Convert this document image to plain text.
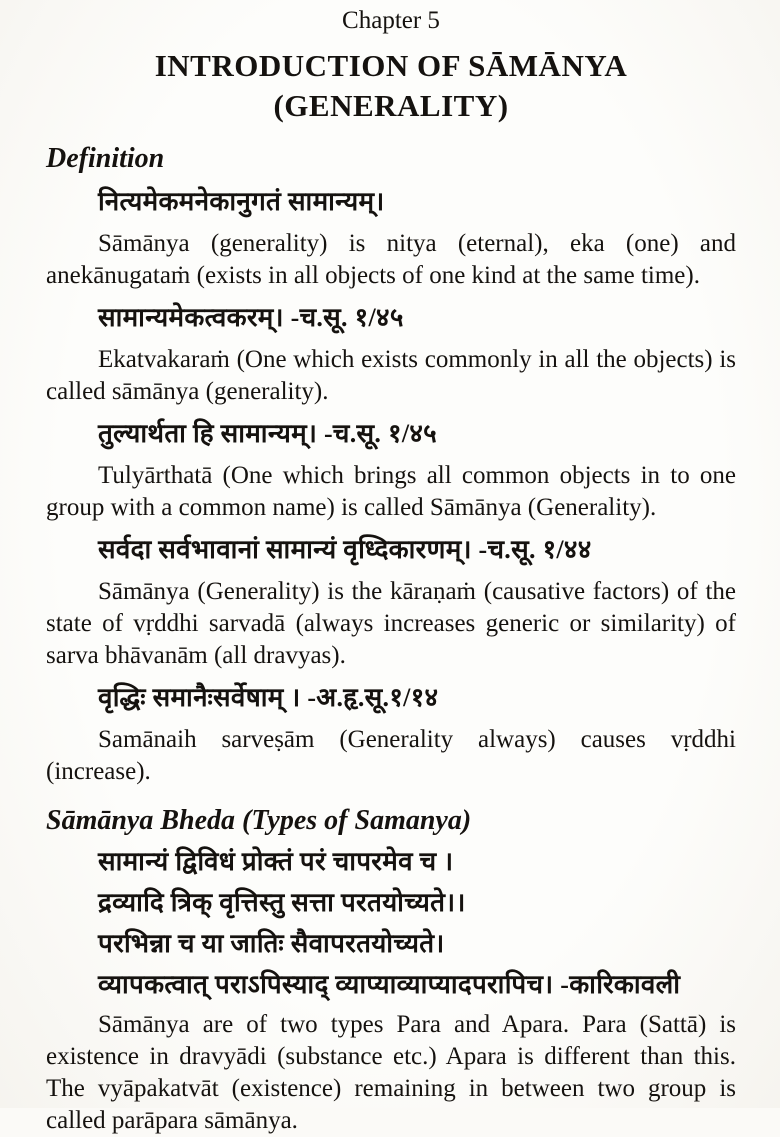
Chapter 5
INTRODUCTION OF SĀMĀNYA
(GENERALITY)
Definition
नित्यमेकमनेकानुगतं सामान्यम्।

Sāmānya (generality) is nitya (eternal), eka (one) and anekānugataṁ (exists in all objects of one kind at the same time).

सामान्यमेकत्वकरम्। -च.सू. १/४५

Ekatvakaraṁ (One which exists commonly in all the objects) is called sāmānya (generality).

तुल्यार्थता हि सामान्यम्। -च.सू. १/४५

Tulyārthatā (One which brings all common objects in to one group with a common name) is called Sāmānya (Generality).

सर्वदा सर्वभावानां सामान्यं वृध्दिकारणम्। -च.सू. १/४४

Sāmānya (Generality) is the kāraṇaṁ (causative factors) of the state of vṛddhi sarvadā (always increases generic or similarity) of sarva bhāvanām (all dravyas).

वृद्धिः समानैःसर्वेषाम् । -अ.हृ.सू.१/१४

Samānaih sarveṣām (Generality always) causes vṛddhi (increase).

Sāmānya Bheda (Types of Samanya)
सामान्यं द्विविधं प्रोक्तं परं चापरमेव च ।
द्रव्यादि त्रिक् वृत्तिस्तु सत्ता परतयोच्यते।।
परभिन्ना च या जातिः सैवापरतयोच्यते।
व्यापकत्वात् पराऽपिस्याद् व्याप्याव्याप्यादपरापिच। -कारिकावली

Sāmānya are of two types Para and Apara. Para (Sattā) is existence in dravyādi (substance etc.) Apara is different than this. The vyāpakatvāt (existence) remaining in between two group is called parāpara sāmānya.
